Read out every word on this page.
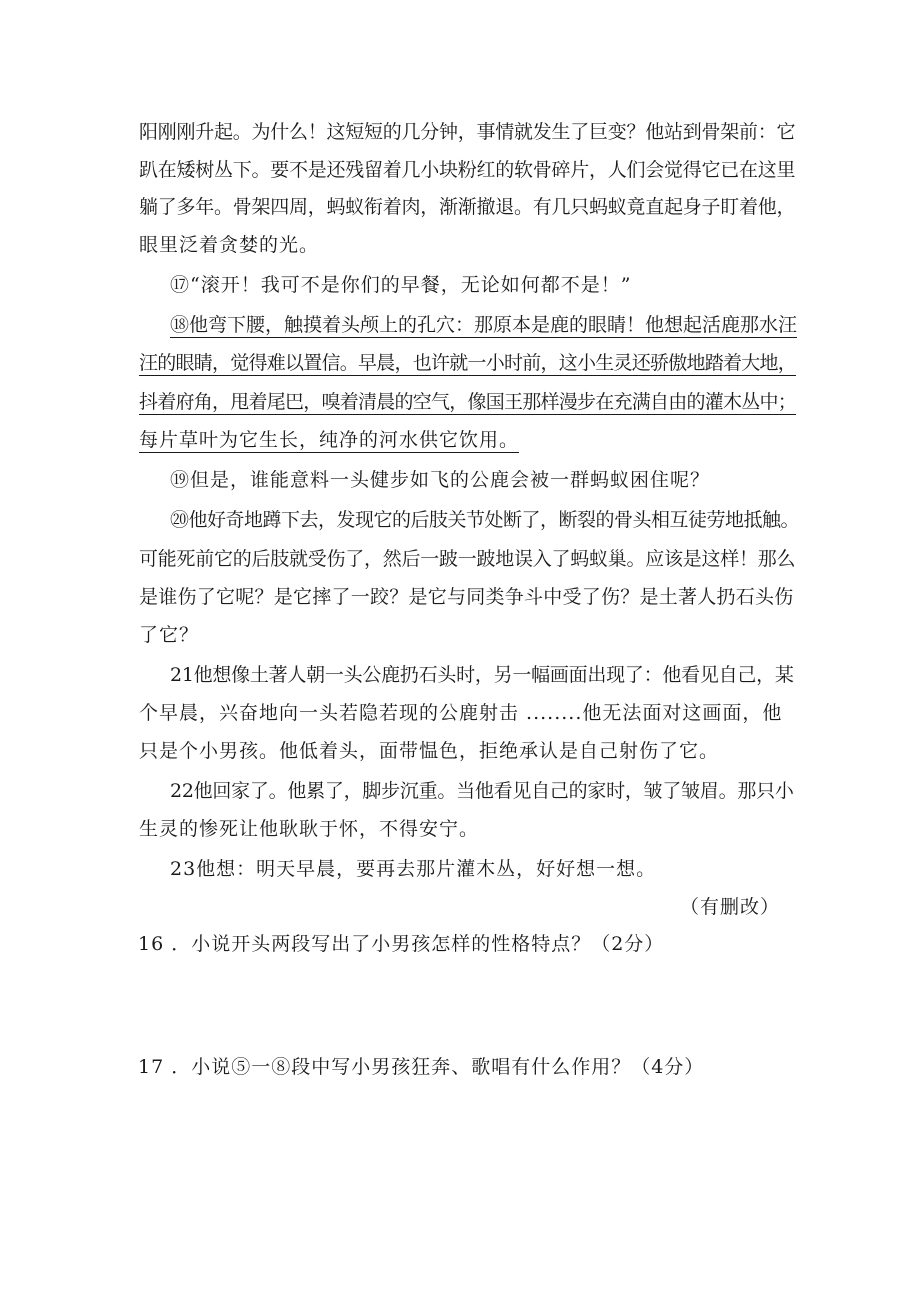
阳刚刚升起。为什么！这短短的几分钟，事情就发生了巨变？他站到骨架前：它
趴在矮树丛下。要不是还残留着几小块粉红的软骨碎片，人们会觉得它已在这里
躺了多年。骨架四周，蚂蚁衔着肉，渐渐撤退。有几只蚂蚁竟直起身子盯着他，
眼里泛着贪婪的光。
⑰“滚开！我可不是你们的早餐，无论如何都不是！”
⑱他弯下腰，触摸着头颅上的孔穴：那原本是鹿的眼睛！他想起活鹿那水汪
汪的眼睛，觉得难以置信。早晨，也许就一小时前，这小生灵还骄傲地踏着大地，
抖着府角，甩着尾巴，嗅着清晨的空气，像国王那样漫步在充满自由的灌木丛中；
每片草叶为它生长，纯净的河水供它饮用。
⑲但是，谁能意料一头健步如飞的公鹿会被一群蚂蚁困住呢？
⑳他好奇地蹲下去，发现它的后肢关节处断了，断裂的骨头相互徒劳地抵触。
可能死前它的后肢就受伤了，然后一跛一跛地误入了蚂蚁巢。应该是这样！那么
是谁伤了它呢？是它摔了一跤？是它与同类争斗中受了伤？是土著人扔石头伤
了它？
21他想像土著人朝一头公鹿扔石头时，另一幅画面出现了：他看见自己，某
个早晨，兴奋地向一头若隐若现的公鹿射击 ........他无法面对这画面，他
只是个小男孩。他低着头，面带愠色，拒绝承认是自己射伤了它。
22他回家了。他累了，脚步沉重。当他看见自己的家时，皱了皱眉。那只小
生灵的惨死让他耿耿于怀，不得安宁。
23他想：明天早晨，要再去那片灌木丛，好好想一想。
（有删改）
16 ．小说开头两段写出了小男孩怎样的性格特点？（2分）
17 ．小说⑤一⑧段中写小男孩狂奔、歌唱有什么作用？（4分）
